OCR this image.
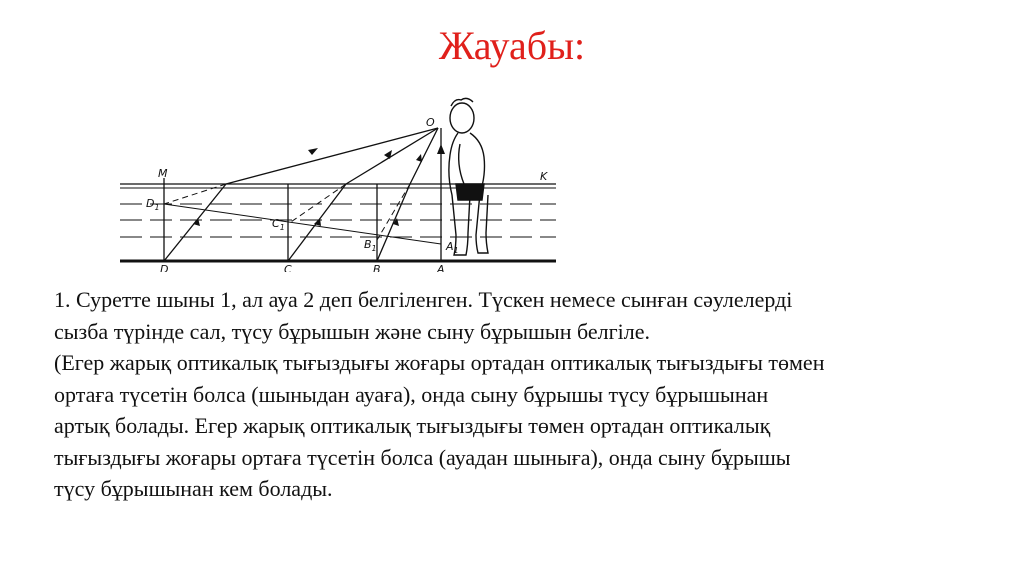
Жауабы:
O
M	K
$D_1$
$C_1$
$B_1$	$A_1$
D	C	B	A

1. Суретте шыны 1, ал ауа 2 деп белгіленген. Түскен немесе сынған сәулелерді

сызба түрінде сал, түсу бұрышын және сыну бұрышын белгіле.

(Егер жарық оптикалық тығыздығы жоғары ортадан оптикалық тығыздығы төмен

ортаға түсетін болса (шыныдан ауаға), онда сыну бұрышы түсу бұрышынан

артық болады. Егер жарық оптикалық тығыздығы төмен ортадан оптикалық

тығыздығы жоғары ортаға түсетін болса (ауадан шыныға), онда сыну бұрышы

түсу бұрышынан кем болады.
